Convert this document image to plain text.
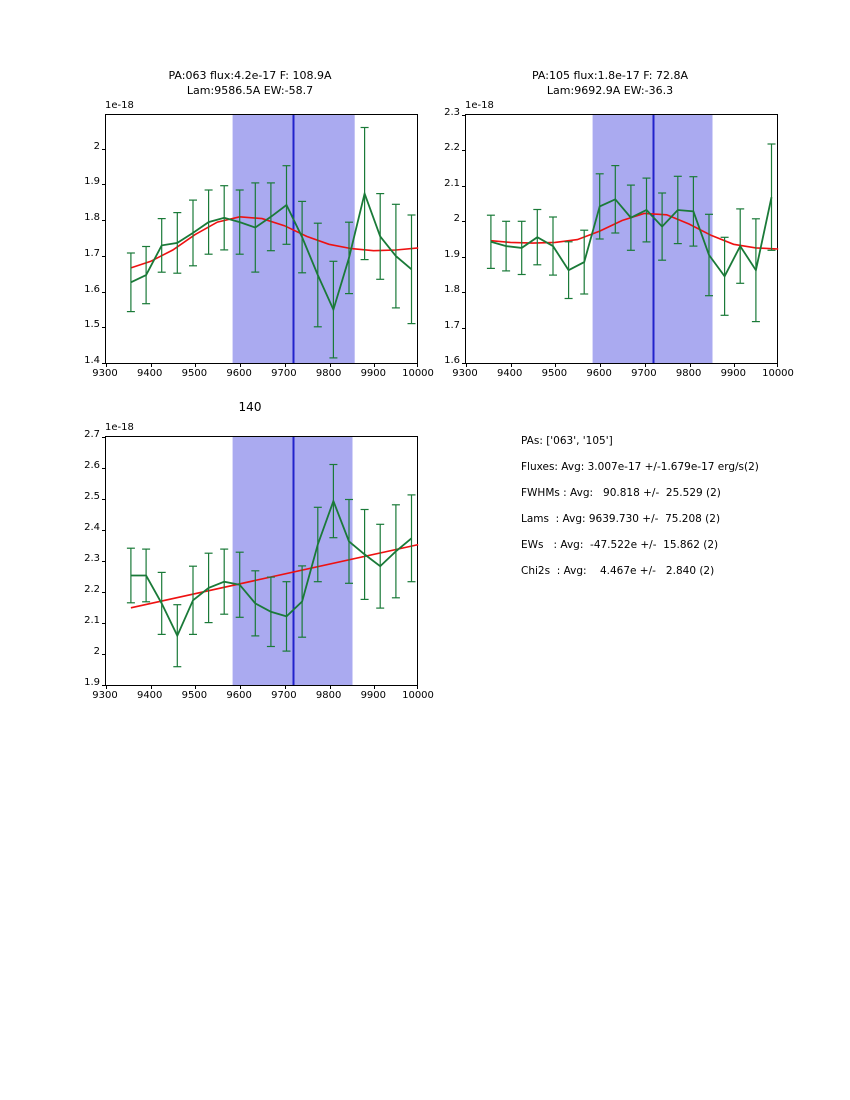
PA:063 flux:4.2e-17 F: 108.9A
Lam:9586.5A EW:-58.7
1e-18
1.4
1.5
1.6
1.7
1.8
1.9
2
9300	9400	9500	9600	9700	9800	9900	10000
PA:105 flux:1.8e-17 F: 72.8A
Lam:9692.9A EW:-36.3
1e-18
1.6
1.7
1.8
1.9
2
2.1
2.2
2.3
9300	9400	9500	9600	9700	9800	9900	10000
140
1e-18
1.9
2
2.1
2.2
2.3
2.4
2.5
2.6
2.7
9300	9400	9500	9600	9700	9800	9900	10000
PAs: ['063', '105']
Fluxes: Avg: 3.007e-17 +/-1.679e-17 erg/s(2)
FWHMs : Avg:   90.818 +/-  25.529 (2)
Lams  : Avg: 9639.730 +/-  75.208 (2)
EWs   : Avg:  -47.522e +/-  15.862 (2)
Chi2s  : Avg:    4.467e +/-   2.840 (2)
